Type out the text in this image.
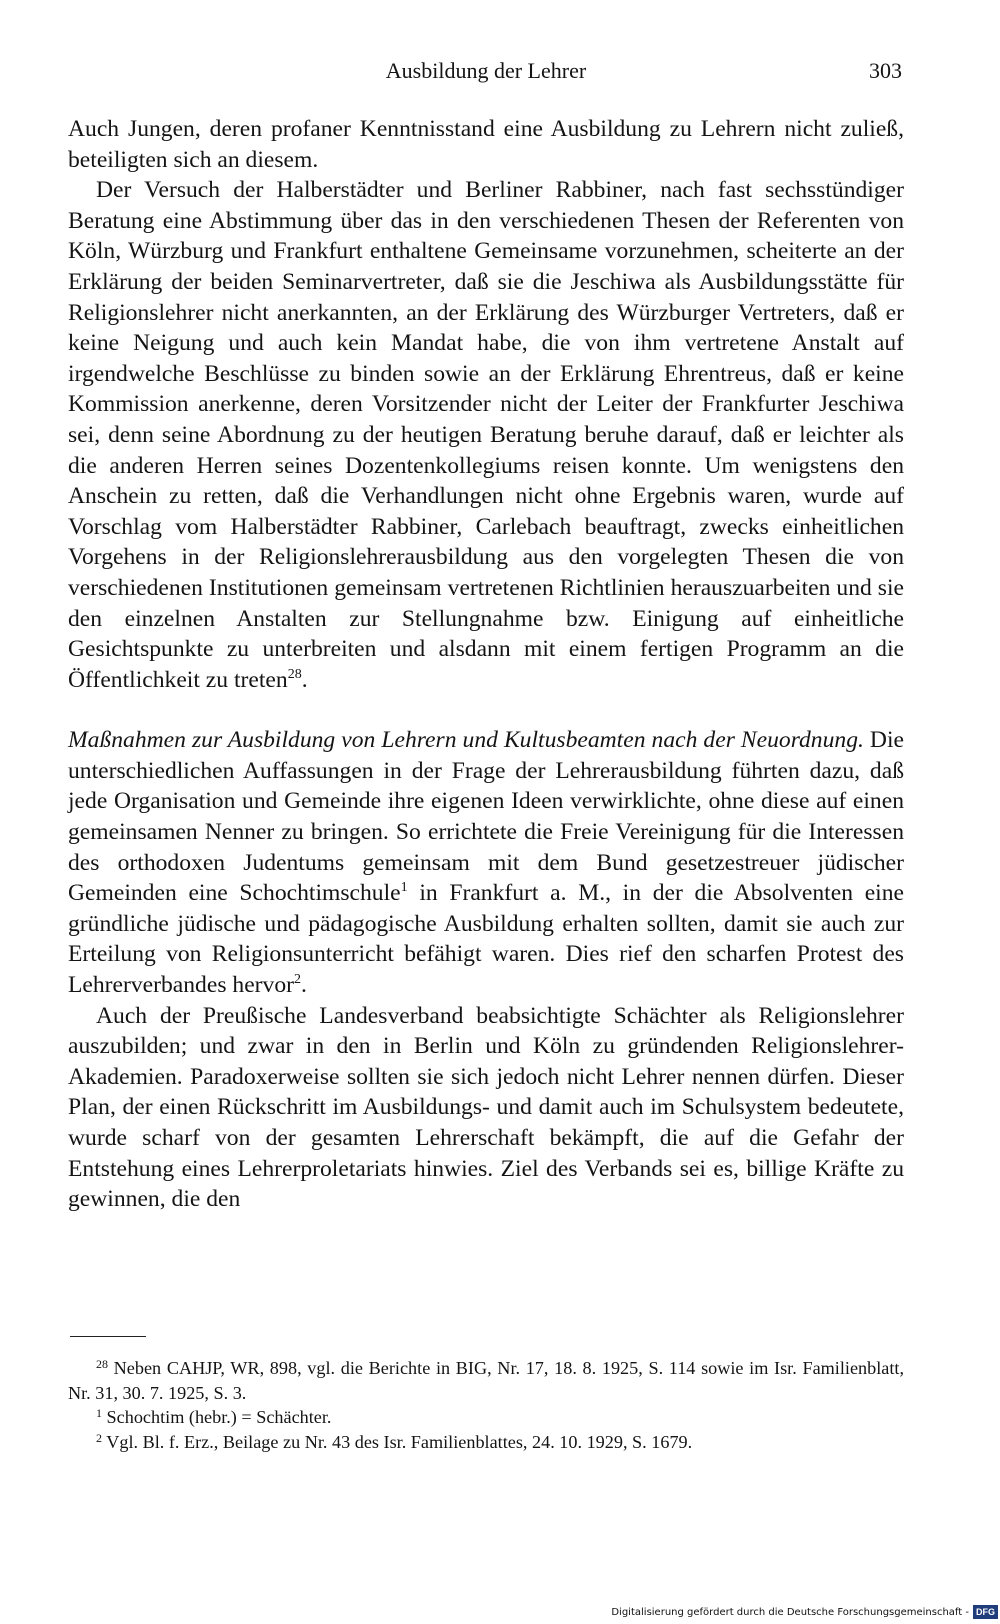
Ausbildung der Lehrer	303

Auch Jungen, deren profaner Kenntnisstand eine Ausbildung zu Lehrern nicht zuließ, beteiligten sich an diesem.

Der Versuch der Halberstädter und Berliner Rabbiner, nach fast sechsstündiger Beratung eine Abstimmung über das in den verschiedenen Thesen der Referenten von Köln, Würzburg und Frankfurt enthaltene Gemeinsame vorzunehmen, scheiterte an der Erklärung der beiden Seminarvertreter, daß sie die Jeschiwa als Ausbildungsstätte für Religionslehrer nicht anerkannten, an der Erklärung des Würzburger Vertreters, daß er keine Neigung und auch kein Mandat habe, die von ihm vertretene Anstalt auf irgendwelche Beschlüsse zu binden sowie an der Erklärung Ehrentreus, daß er keine Kommission anerkenne, deren Vorsitzender nicht der Leiter der Frankfurter Jeschiwa sei, denn seine Abordnung zu der heutigen Beratung beruhe darauf, daß er leichter als die anderen Herren seines Dozentenkollegiums reisen konnte. Um wenigstens den Anschein zu retten, daß die Verhandlungen nicht ohne Ergebnis waren, wurde auf Vorschlag vom Halberstädter Rabbiner, Carlebach beauftragt, zwecks einheitlichen Vorgehens in der Religionslehrerausbildung aus den vorgelegten Thesen die von verschiedenen Institutionen gemeinsam vertretenen Richtlinien herauszuarbeiten und sie den einzelnen Anstalten zur Stellungnahme bzw. Einigung auf einheitliche Gesichtspunkte zu unterbreiten und alsdann mit einem fertigen Programm an die Öffentlichkeit zu treten$^{28}$.

Maßnahmen zur Ausbildung von Lehrern und Kultusbeamten nach der Neuordnung. Die unterschiedlichen Auffassungen in der Frage der Lehrerausbildung führten dazu, daß jede Organisation und Gemeinde ihre eigenen Ideen verwirklichte, ohne diese auf einen gemeinsamen Nenner zu bringen. So errichtete die Freie Vereinigung für die Interessen des orthodoxen Judentums gemeinsam mit dem Bund gesetzestreuer jüdischer Gemeinden eine Schochtimschule$^1$ in Frankfurt a. M., in der die Absolventen eine gründliche jüdische und pädagogische Ausbildung erhalten sollten, damit sie auch zur Erteilung von Religionsunterricht befähigt waren. Dies rief den scharfen Protest des Lehrerverbandes hervor$^2$.

Auch der Preußische Landesverband beabsichtigte Schächter als Religionslehrer auszubilden; und zwar in den in Berlin und Köln zu gründenden Religionslehrer-Akademien. Paradoxerweise sollten sie sich jedoch nicht Lehrer nennen dürfen. Dieser Plan, der einen Rückschritt im Ausbildungs- und damit auch im Schulsystem bedeutete, wurde scharf von der gesamten Lehrerschaft bekämpft, die auf die Gefahr der Entstehung eines Lehrerproletariats hinwies. Ziel des Verbands sei es, billige Kräfte zu gewinnen, die den

$^{28}$ Neben CAHJP, WR, 898, vgl. die Berichte in BIG, Nr. 17, 18. 8. 1925, S. 114 sowie im Isr. Familienblatt, Nr. 31, 30. 7. 1925, S. 3.

$^1$ Schochtim (hebr.) = Schächter.

$^2$ Vgl. Bl. f. Erz., Beilage zu Nr. 43 des Isr. Familienblattes, 24. 10. 1929, S. 1679.

Digitalisierung gefördert durch die Deutsche Forschungsgemeinschaft - DFG
